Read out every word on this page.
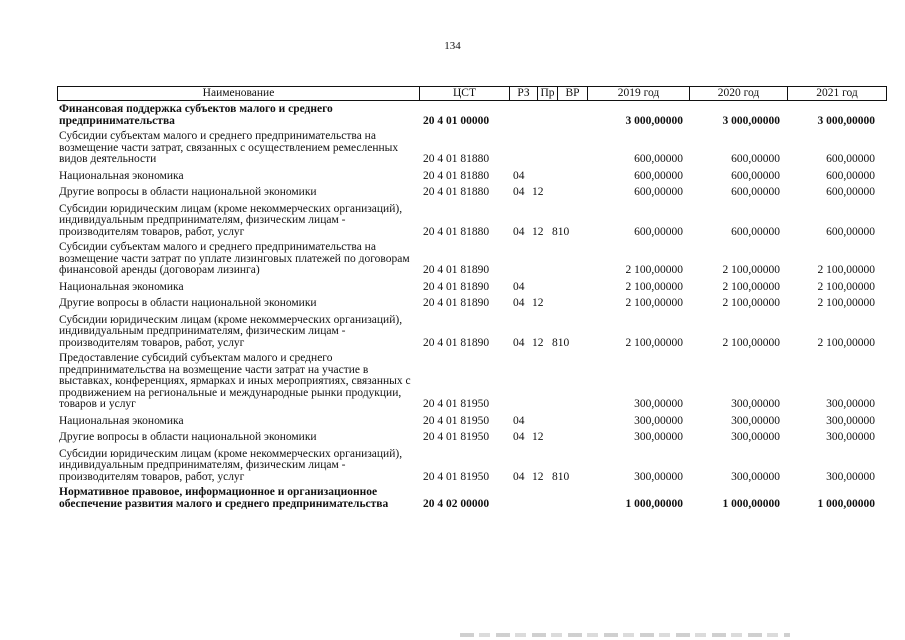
134
Наименование	ЦСТ	РЗ Пр ВР	2019 год	2020 год	2021 год
Финансовая поддержка субъектов малого и среднего предпринимательства	20 4 01 00000	3 000,00000	3 000,00000	3 000,00000
Субсидии субъектам малого и среднего предпринимательства на возмещение части затрат, связанных с осуществлением ремесленных видов деятельности	20 4 01 81880	600,00000	600,00000	600,00000
Национальная экономика	20 4 01 81880	04	600,00000	600,00000	600,00000
Другие вопросы в области национальной экономики	20 4 01 81880	04 12	600,00000	600,00000	600,00000
Субсидии юридическим лицам (кроме некоммерческих организаций), индивидуальным предпринимателям, физическим лицам - производителям товаров, работ, услуг	20 4 01 81880	04 12 810	600,00000	600,00000	600,00000
Субсидии субъектам малого и среднего предпринимательства на возмещение части затрат по уплате лизинговых платежей по договорам финансовой аренды (договорам лизинга)	20 4 01 81890	2 100,00000	2 100,00000	2 100,00000
Национальная экономика	20 4 01 81890	04	2 100,00000	2 100,00000	2 100,00000
Другие вопросы в области национальной экономики	20 4 01 81890	04 12	2 100,00000	2 100,00000	2 100,00000
Субсидии юридическим лицам (кроме некоммерческих организаций), индивидуальным предпринимателям, физическим лицам - производителям товаров, работ, услуг	20 4 01 81890	04 12 810	2 100,00000	2 100,00000	2 100,00000
Предоставление субсидий субъектам малого и среднего предпринимательства на возмещение части затрат на участие в выставках, конференциях, ярмарках и иных мероприятиях, связанных с продвижением на региональные и международные рынки продукции, товаров и услуг	20 4 01 81950	300,00000	300,00000	300,00000
Национальная экономика	20 4 01 81950	04	300,00000	300,00000	300,00000
Другие вопросы в области национальной экономики	20 4 01 81950	04 12	300,00000	300,00000	300,00000
Субсидии юридическим лицам (кроме некоммерческих организаций), индивидуальным предпринимателям, физическим лицам - производителям товаров, работ, услуг	20 4 01 81950	04 12 810	300,00000	300,00000	300,00000
Нормативное правовое, информационное и организационное обеспечение развития малого и среднего предпринимательства	20 4 02 00000	1 000,00000	1 000,00000	1 000,00000
